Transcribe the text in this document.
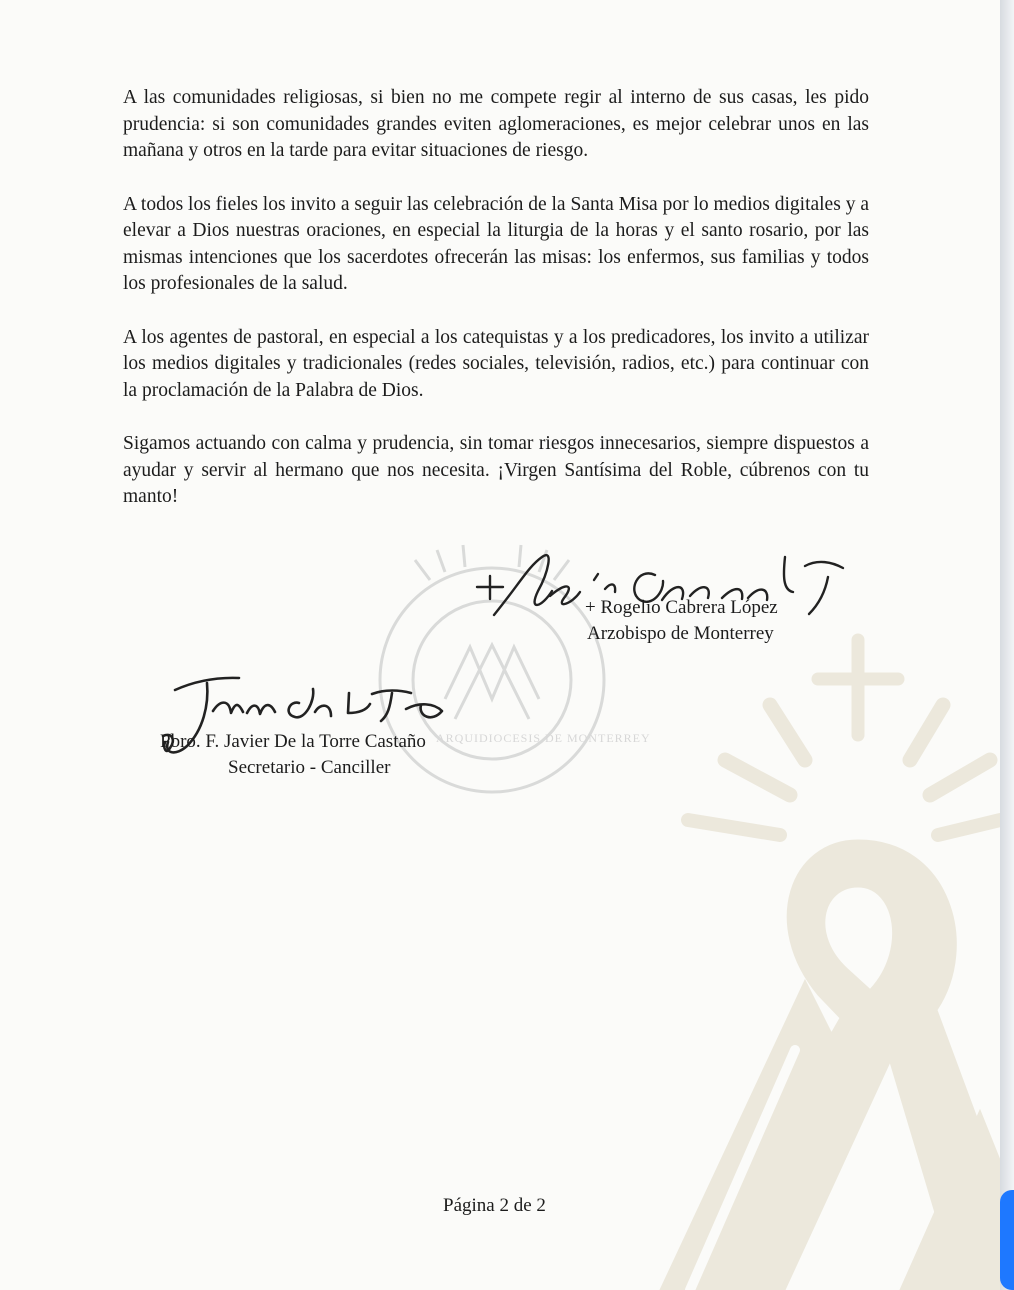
ARQUIDIOCESIS DE MONTERREY

A las comunidades religiosas, si bien no me compete regir al interno de sus casas, les pido prudencia: si son comunidades grandes eviten aglomeraciones, es mejor celebrar unos en las mañana y otros en la tarde para evitar situaciones de riesgo.

A todos los fieles los invito a seguir las celebración de la Santa Misa por lo medios digitales y a elevar a Dios nuestras oraciones, en especial la liturgia de la horas y el santo rosario, por las mismas intenciones que los sacerdotes ofrecerán las misas: los enfermos, sus familias y todos los profesionales de la salud.

A los agentes de pastoral, en especial a los catequistas y a los predicadores, los invito a utilizar los medios digitales y tradicionales (redes sociales, televisión, radios, etc.) para continuar con la proclamación de la Palabra de Dios.

Sigamos actuando con calma y prudencia, sin tomar riesgos innecesarios, siempre dispuestos a ayudar y servir al hermano que nos necesita. ¡Virgen Santísima del Roble, cúbrenos con tu manto!

+ Rogelio Cabrera López
Arzobispo de Monterrey
Pbro. F. Javier De la Torre Castaño
Secretario - Canciller
Página 2 de 2
